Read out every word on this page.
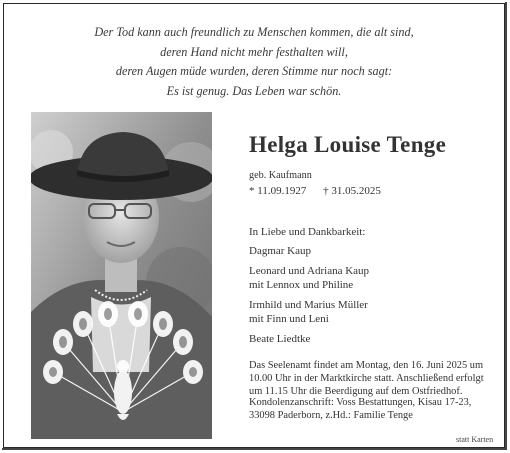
Der Tod kann auch freundlich zu Menschen kommen, die alt sind,
deren Hand nicht mehr festhalten will,
deren Augen müde wurden, deren Stimme nur noch sagt:
Es ist genug. Das Leben war schön.
Helga Louise Tenge
geb. Kaufmann
* 11.09.1927 † 31.05.2025
In Liebe und Dankbarkeit:
Dagmar Kaup
Leonard und Adriana Kaup
mit Lennox und Philine
Irmhild und Marius Müller
mit Finn und Leni
Beate Liedtke
Das Seelenamt findet am Montag, den 16. Juni 2025 um
10.00 Uhr in der Marktkirche statt. Anschließend erfolgt
um 11.15 Uhr die Beerdigung auf dem Ostfriedhof.
Kondolenzanschrift: Voss Bestattungen, Kisau 17-23,
33098 Paderborn, z.Hd.: Familie Tenge
statt Karten
